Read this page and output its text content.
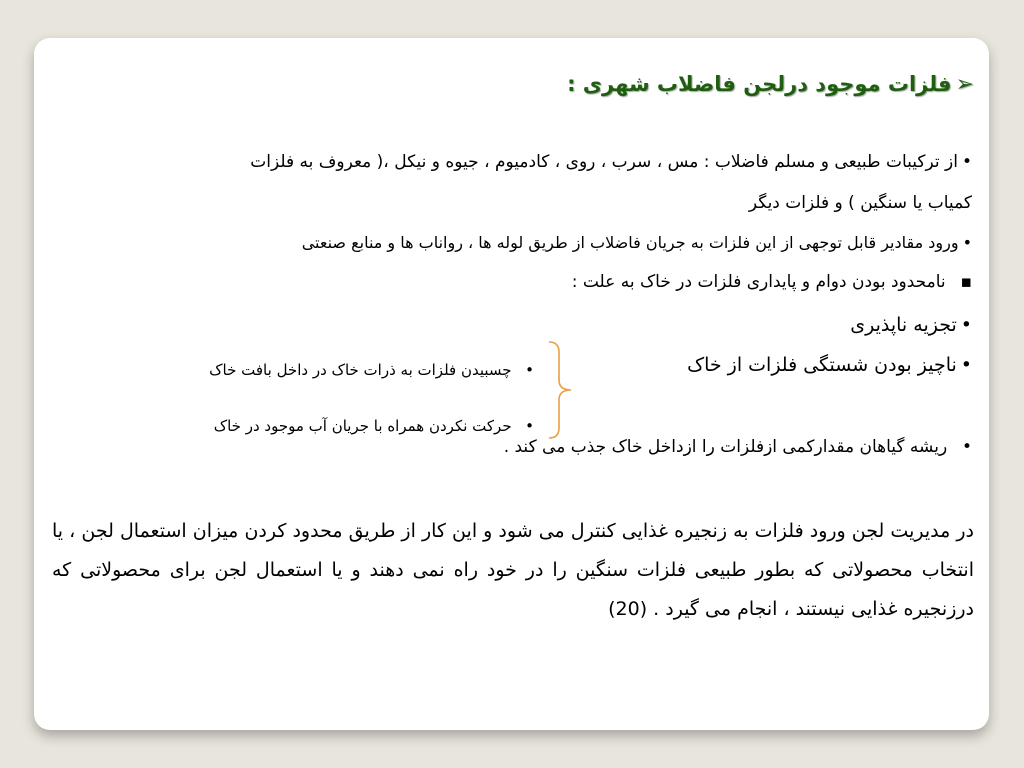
➢فلزات موجود درلجن فاضلاب شهری :
•از ترکیبات طبیعی و مسلم فاضلاب : مس ، سرب ، روی ، کادمیوم ، جیوه و نیکل ،( معروف به فلزات
کمیاب یا سنگین ) و فلزات دیگر
•ورود مقادیر قابل توجهی از این فلزات به جریان فاضلاب از طریق لوله ها ، رواناب ها و منابع صنعتی
▪  نامحدود بودن دوام و پایداری فلزات در خاک به علت :
•تجزیه ناپذیری
•ناچیز بودن شستگی فلزات از خاک
•  چسبیدن فلزات به ذرات خاک در داخل بافت خاک
•  حرکت نکردن همراه با جریان آب موجود در خاک
•  ریشه گیاهان مقدارکمی ازفلزات را ازداخل خاک جذب می کند .
در مدیریت لجن ورود فلزات به زنجیره غذایی کنترل می شود و این کار از طریق محدود کردن میزان استعمال لجن ، یا انتخاب محصولاتی که بطور طبیعی فلزات سنگین را در خود راه نمی دهند و یا استعمال لجن برای محصولاتی که درزنجیره غذایی نیستند ، انجام می گیرد . (20)
